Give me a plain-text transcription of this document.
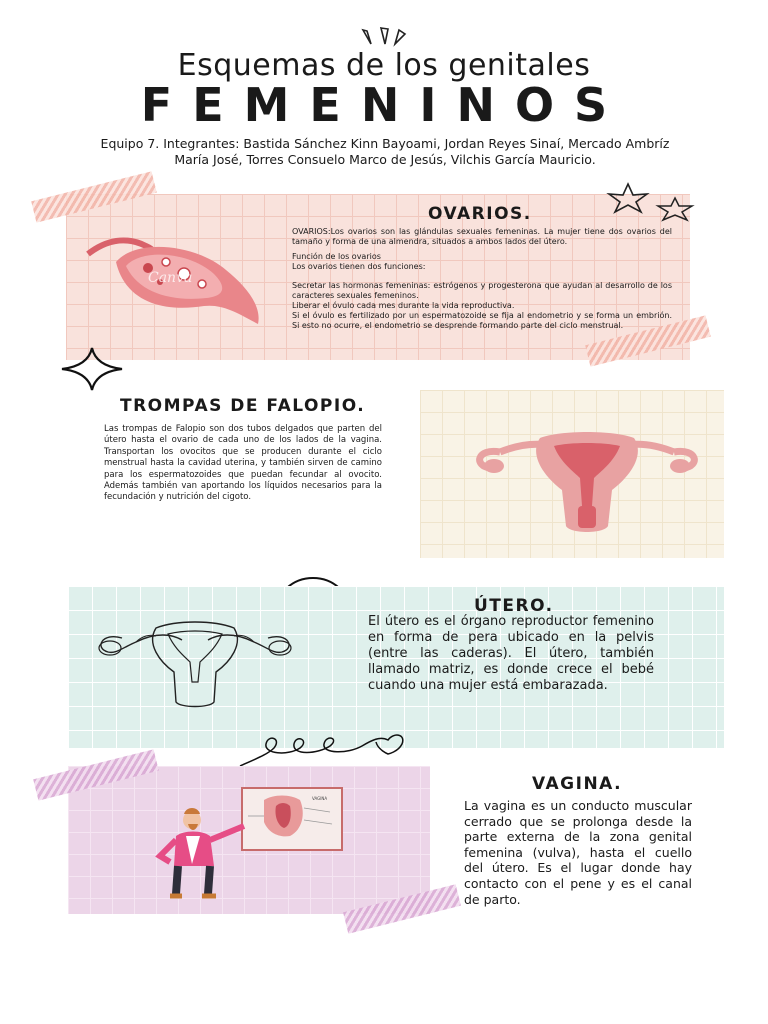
Esquemas de los genitales
FEMENINOS
Equipo 7. Integrantes: Bastida Sánchez Kinn Bayoami, Jordan Reyes Sinaí, Mercado Ambríz María José, Torres Consuelo Marco de Jesús, Vilchis García Mauricio.
Canva
OVARIOS.

OVARIOS:Los ovarios son las glándulas sexuales femeninas. La mujer tiene dos ovarios del tamaño y forma de una almendra, situados a ambos lados del útero.

Función de los ovarios

Los ovarios tienen dos funciones:

Secretar las hormonas femeninas: estrógenos y progesterona que ayudan al desarrollo de los caracteres sexuales femeninos.

Liberar el óvulo cada mes durante la vida reproductiva.

Si el óvulo es fertilizado por un espermatozoide se fija al endometrio y se forma un embrión. Si esto no ocurre, el endometrio se desprende formando parte del ciclo menstrual.

TROMPAS DE FALOPIO.
Las trompas de Falopio son dos tubos delgados que parten del útero hasta el ovario de cada uno de los lados de la vagina. Transportan los ovocitos que se producen durante el ciclo menstrual hasta la cavidad uterina, y también sirven de camino para los espermatozoides que puedan fecundar al ovocito. Además también van aportando los líquidos necesarios para la fecundación y nutrición del cigoto.
ÚTERO.
El útero es el órgano reproductor femenino en forma de pera ubicado en la pelvis (entre las caderas). El útero, también llamado matriz, es donde crece el bebé cuando una mujer está embarazada.
VAGINA
VAGINA.
La vagina es un conducto muscular cerrado que se prolonga desde la parte externa de la zona genital femenina (vulva), hasta el cuello del útero. Es el lugar donde hay contacto con el pene y es el canal de parto.
